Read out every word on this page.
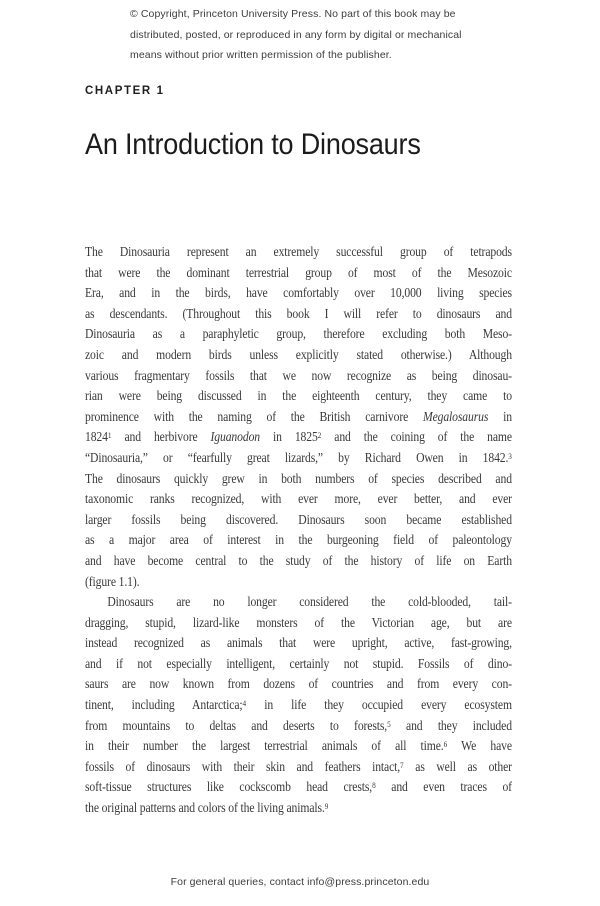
© Copyright, Princeton University Press. No part of this book may be
distributed, posted, or reproduced in any form by digital or mechanical
means without prior written permission of the publisher.
CHAPTER 1
An Introduction to Dinosaurs
The Dinosauria represent an extremely successful group of tetrapods
that were the dominant terrestrial group of most of the Mesozoic
Era, and in the birds, have comfortably over 10,000 living species
as descendants. (Throughout this book I will refer to dinosaurs and
Dinosauria as a paraphyletic group, therefore excluding both Meso-
zoic and modern birds unless explicitly stated otherwise.) Although
various fragmentary fossils that we now recognize as being dinosau-
rian were being discussed in the eighteenth century, they came to
prominence with the naming of the British carnivore Megalosaurus in
1824$^1$ and herbivore Iguanodon in 1825$^2$ and the coining of the name
“Dinosauria,” or “fearfully great lizards,” by Richard Owen in 1842.$^3$
The dinosaurs quickly grew in both numbers of species described and
taxonomic ranks recognized, with ever more, ever better, and ever
larger fossils being discovered. Dinosaurs soon became established
as a major area of interest in the burgeoning field of paleontology
and have become central to the study of the history of life on Earth
(figure 1.1).
Dinosaurs are no longer considered the cold-blooded, tail-
dragging, stupid, lizard-like monsters of the Victorian age, but are
instead recognized as animals that were upright, active, fast-growing,
and if not especially intelligent, certainly not stupid. Fossils of dino-
saurs are now known from dozens of countries and from every con-
tinent, including Antarctica;$^4$ in life they occupied every ecosystem
from mountains to deltas and deserts to forests,$^5$ and they included
in their number the largest terrestrial animals of all time.$^6$ We have
fossils of dinosaurs with their skin and feathers intact,$^7$ as well as other
soft-tissue structures like cockscomb head crests,$^8$ and even traces of
the original patterns and colors of the living animals.$^9$
For general queries, contact info@press.princeton.edu
